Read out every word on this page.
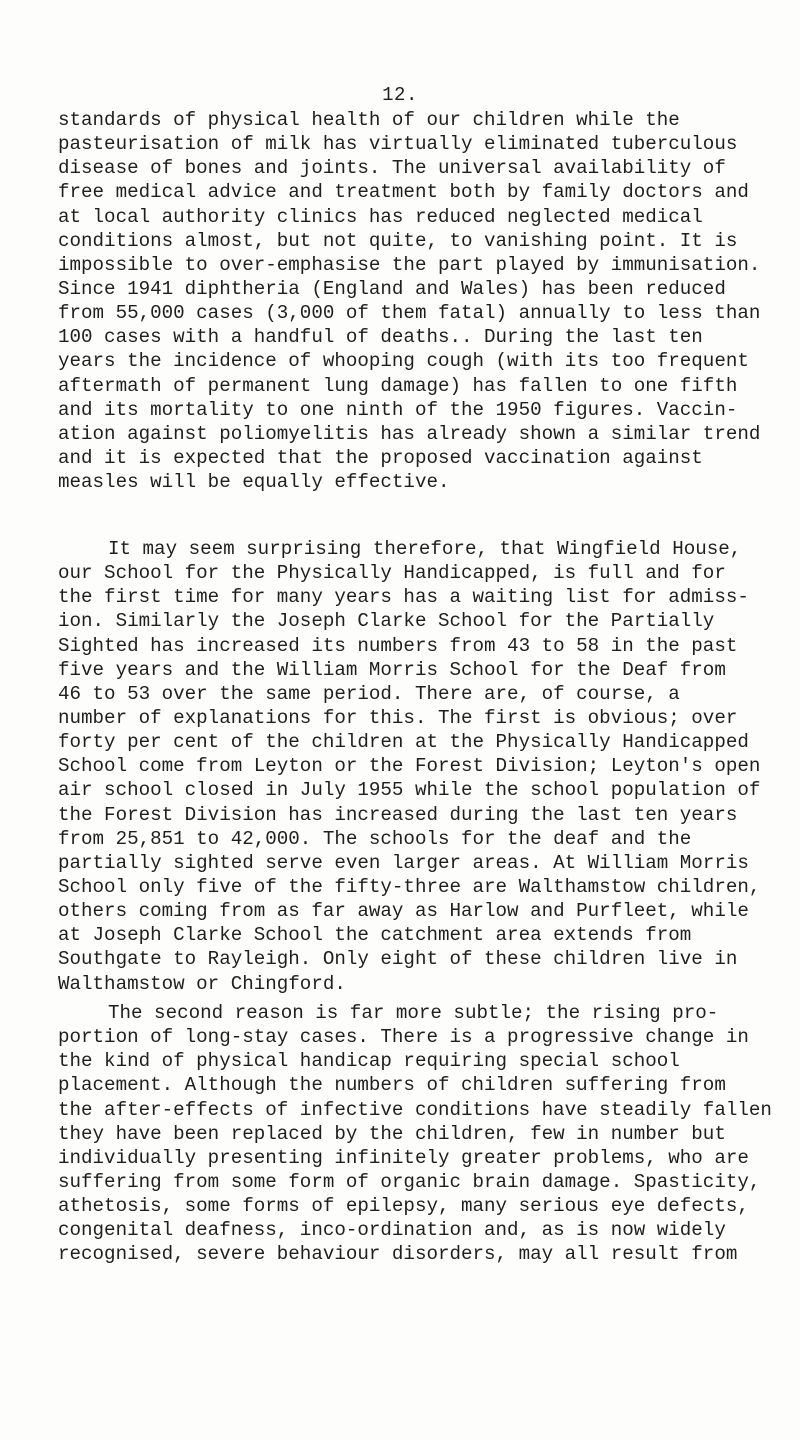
12.
standards of physical health of our children while the
pasteurisation of milk has virtually eliminated tuberculous
disease of bones and joints. The universal availability of
free medical advice and treatment both by family doctors and
at local authority clinics has reduced neglected medical
conditions almost, but not quite, to vanishing point. It is
impossible to over-emphasise the part played by immunisation.
Since 1941 diphtheria (England and Wales) has been reduced
from 55,000 cases (3,000 of them fatal) annually to less than
100 cases with a handful of deaths.. During the last ten
years the incidence of whooping cough (with its too frequent
aftermath of permanent lung damage) has fallen to one fifth
and its mortality to one ninth of the 1950 figures. Vaccin-
ation against poliomyelitis has already shown a similar trend
and it is expected that the proposed vaccination against
measles will be equally effective.
It may seem surprising therefore, that Wingfield House,
our School for the Physically Handicapped, is full and for
the first time for many years has a waiting list for admiss-
ion. Similarly the Joseph Clarke School for the Partially
Sighted has increased its numbers from 43 to 58 in the past
five years and the William Morris School for the Deaf from
46 to 53 over the same period. There are, of course, a
number of explanations for this. The first is obvious; over
forty per cent of the children at the Physically Handicapped
School come from Leyton or the Forest Division; Leyton's open
air school closed in July 1955 while the school population of
the Forest Division has increased during the last ten years
from 25,851 to 42,000. The schools for the deaf and the
partially sighted serve even larger areas. At William Morris
School only five of the fifty-three are Walthamstow children,
others coming from as far away as Harlow and Purfleet, while
at Joseph Clarke School the catchment area extends from
Southgate to Rayleigh. Only eight of these children live in
Walthamstow or Chingford.
The second reason is far more subtle; the rising pro-
portion of long-stay cases. There is a progressive change in
the kind of physical handicap requiring special school
placement. Although the numbers of children suffering from
the after-effects of infective conditions have steadily fallen
they have been replaced by the children, few in number but
individually presenting infinitely greater problems, who are
suffering from some form of organic brain damage. Spasticity,
athetosis, some forms of epilepsy, many serious eye defects,
congenital deafness, inco-ordination and, as is now widely
recognised, severe behaviour disorders, may all result from
